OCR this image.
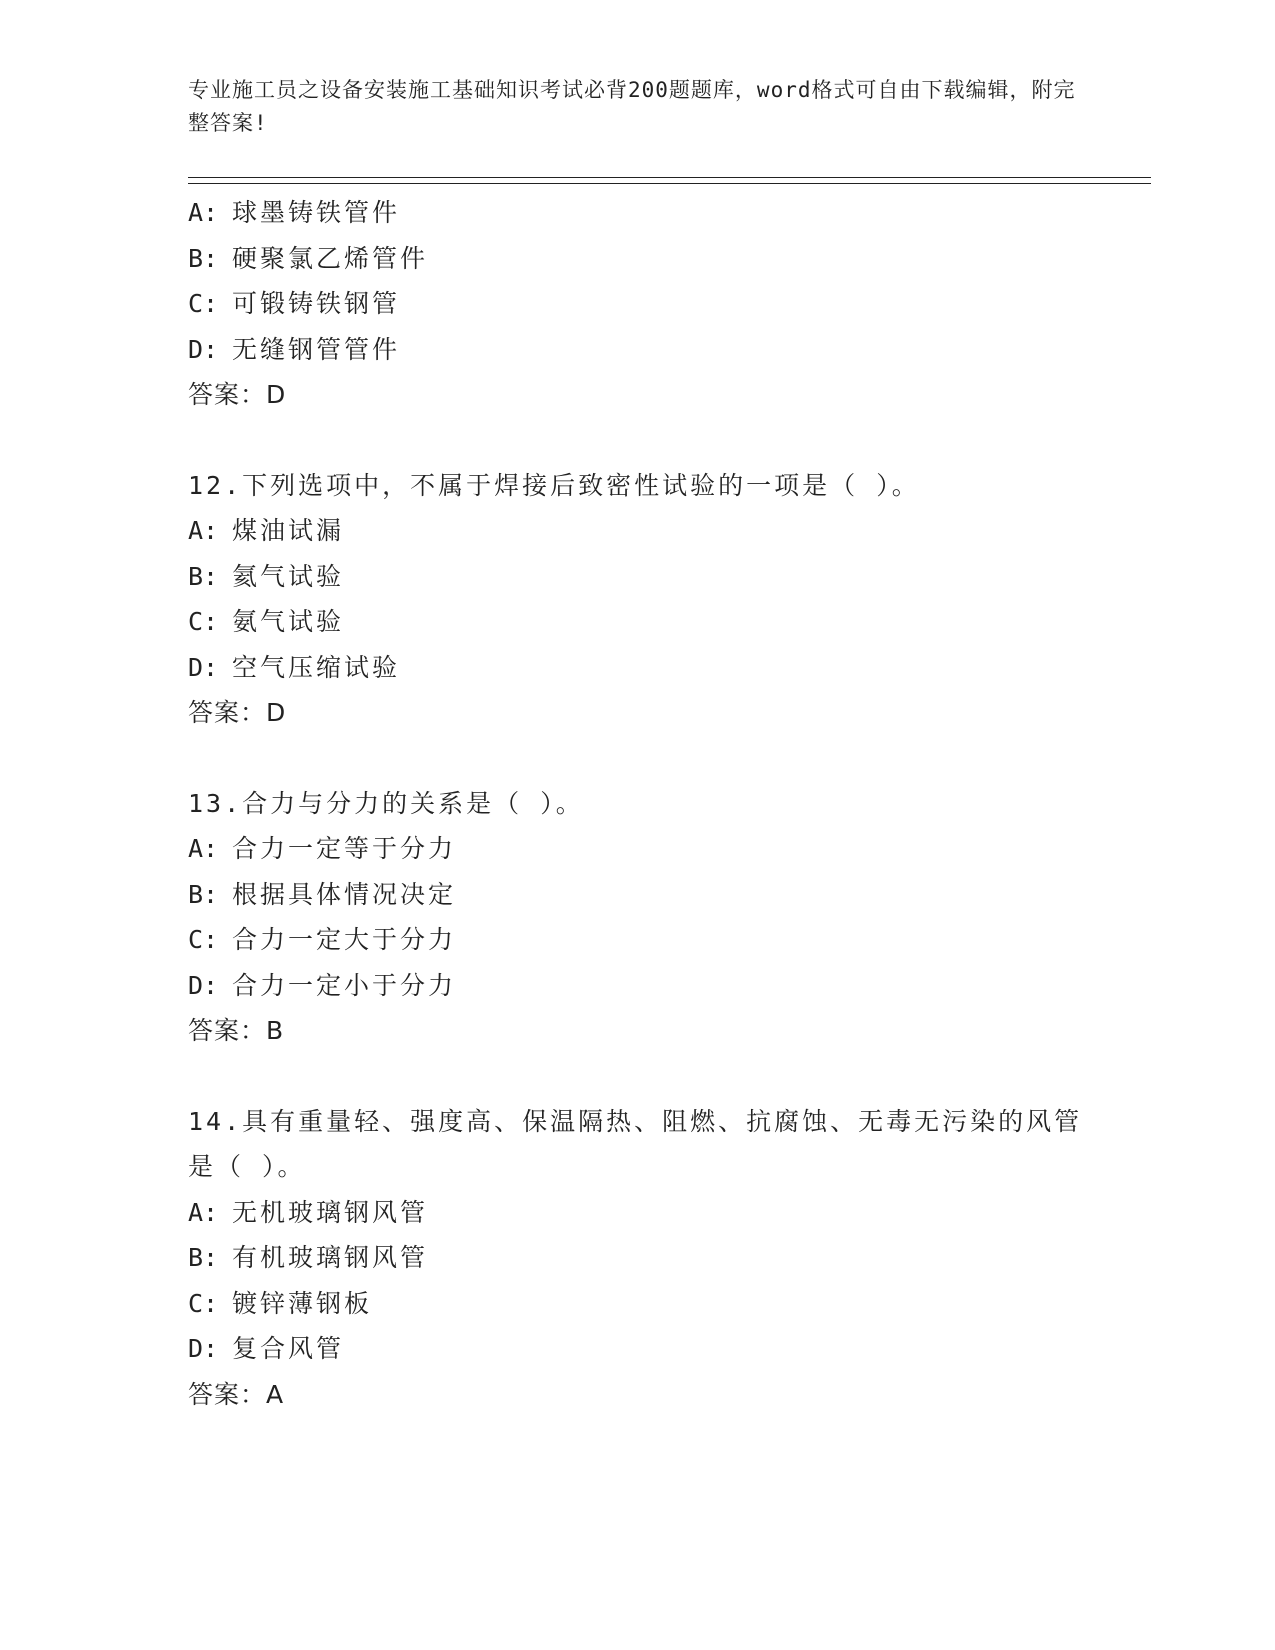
专业施工员之设备安装施工基础知识考试必背200题题库，word格式可自由下载编辑，附完整答案!
A: 球墨铸铁管件
B: 硬聚氯乙烯管件
C: 可锻铸铁钢管
D: 无缝钢管管件
答案：D
12.下列选项中，不属于焊接后致密性试验的一项是（ ）。
A: 煤油试漏
B: 氦气试验
C: 氨气试验
D: 空气压缩试验
答案：D
13.合力与分力的关系是（ ）。
A: 合力一定等于分力
B: 根据具体情况决定
C: 合力一定大于分力
D: 合力一定小于分力
答案：B
14.具有重量轻、强度高、保温隔热、阻燃、抗腐蚀、无毒无污染的风管是（ ）。
A: 无机玻璃钢风管
B: 有机玻璃钢风管
C: 镀锌薄钢板
D: 复合风管
答案：A
